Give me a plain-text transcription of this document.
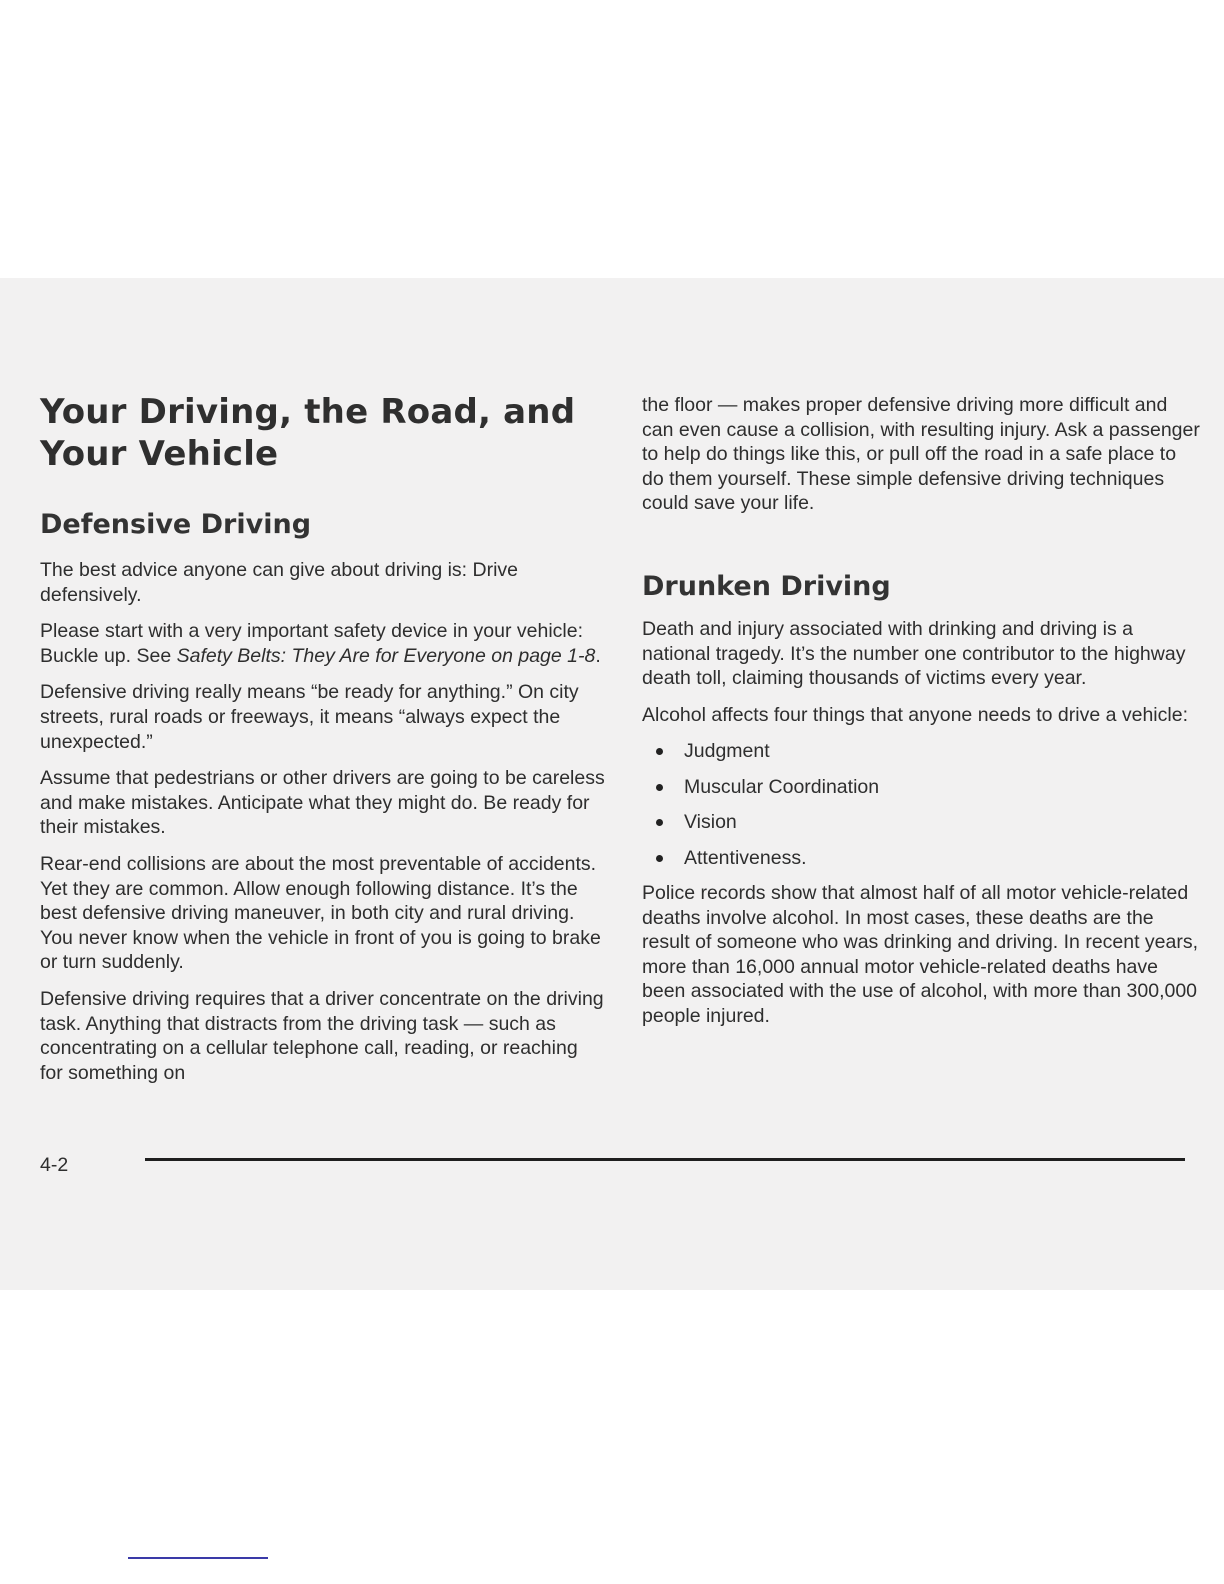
Your Driving, the Road, and Your Vehicle
Defensive Driving

The best advice anyone can give about driving is: Drive defensively.

Please start with a very important safety device in your vehicle: Buckle up. See Safety Belts: They Are for Everyone on page 1-8.

Defensive driving really means “be ready for anything.” On city streets, rural roads or freeways, it means “always expect the unexpected.”

Assume that pedestrians or other drivers are going to be careless and make mistakes. Anticipate what they might do. Be ready for their mistakes.

Rear-end collisions are about the most preventable of accidents. Yet they are common. Allow enough following distance. It’s the best defensive driving maneuver, in both city and rural driving. You never know when the vehicle in front of you is going to brake or turn suddenly.

Defensive driving requires that a driver concentrate on the driving task. Anything that distracts from the driving task — such as concentrating on a cellular telephone call, reading, or reaching for something on

the floor — makes proper defensive driving more difficult and can even cause a collision, with resulting injury. Ask a passenger to help do things like this, or pull off the road in a safe place to do them yourself. These simple defensive driving techniques could save your life.

Drunken Driving

Death and injury associated with drinking and driving is a national tragedy. It’s the number one contributor to the highway death toll, claiming thousands of victims every year.

Alcohol affects four things that anyone needs to drive a vehicle:

Judgment
Muscular Coordination
Vision
Attentiveness.

Police records show that almost half of all motor vehicle-related deaths involve alcohol. In most cases, these deaths are the result of someone who was drinking and driving. In recent years, more than 16,000 annual motor vehicle-related deaths have been associated with the use of alcohol, with more than 300,000 people injured.

4-2
